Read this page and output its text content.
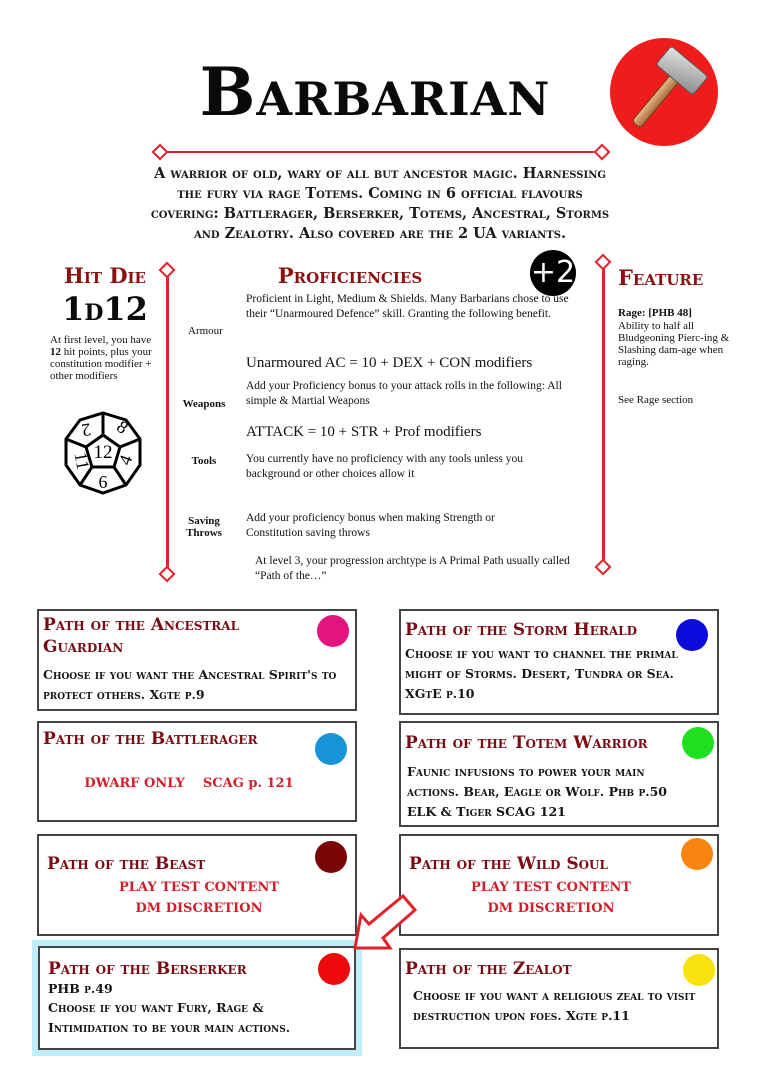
Barbarian
A warrior of old, wary of all but ancestor magic. Harnessing the fury via rage Totems. Coming in 6 official flavours covering: Battlerager, Berserker, Totems, Ancestral, Storms and Zealotry. Also covered are the 2 UA variants.
Hit Die
1d12
At first level, you have 12 hit points, plus your constitution modifier + other modifiers
12
8
4
6
11
2
Proficiencies	+2
Armour
Proficient in Light, Medium & Shields. Many Barbarians chose to use their “Unarmoured Defence” skill. Granting the following benefit.
Unarmoured AC = 10 + DEX + CON modifiers
Weapons
Add your Proficiency bonus to your attack rolls in the following: All simple & Martial Weapons
ATTACK = 10 + STR + Prof modifiers
Tools	You currently have no proficiency with any tools unless you background or other choices allow it
Saving Throws
Add your proficiency bonus when making Strength or Constitution saving throws
At level 3, your progression archtype is A Primal Path usually called “Path of the…”
Feature
Rage: [PHB 48]
Ability to half all Bludgeoning Pierc-ing & Slashing dam-age when raging.
See Rage section
Path of the Ancestral Guardian
Choose if you want the Ancestral Spirit's to protect others. Xgte p.9
Path of the Storm Herald
Choose if you want to channel the primal might of Storms. Desert, Tundra or Sea. XGtE p.10
Path of the Battlerager
DWARF ONLY    SCAG p. 121
Path of the Totem Warrior
Faunic infusions to power your main actions. Bear, Eagle or Wolf. Phb p.50 ELK & Tiger SCAG 121
Path of the Beast
PLAY TEST CONTENT
DM DISCRETION
Path of the Wild Soul
PLAY TEST CONTENT
DM DISCRETION
Path of the Berserker
PHB p.49
Choose if you want Fury, Rage & Intimidation to be your main actions.
Path of the Zealot
Choose if you want a religious zeal to visit destruction upon foes. Xgte p.11
